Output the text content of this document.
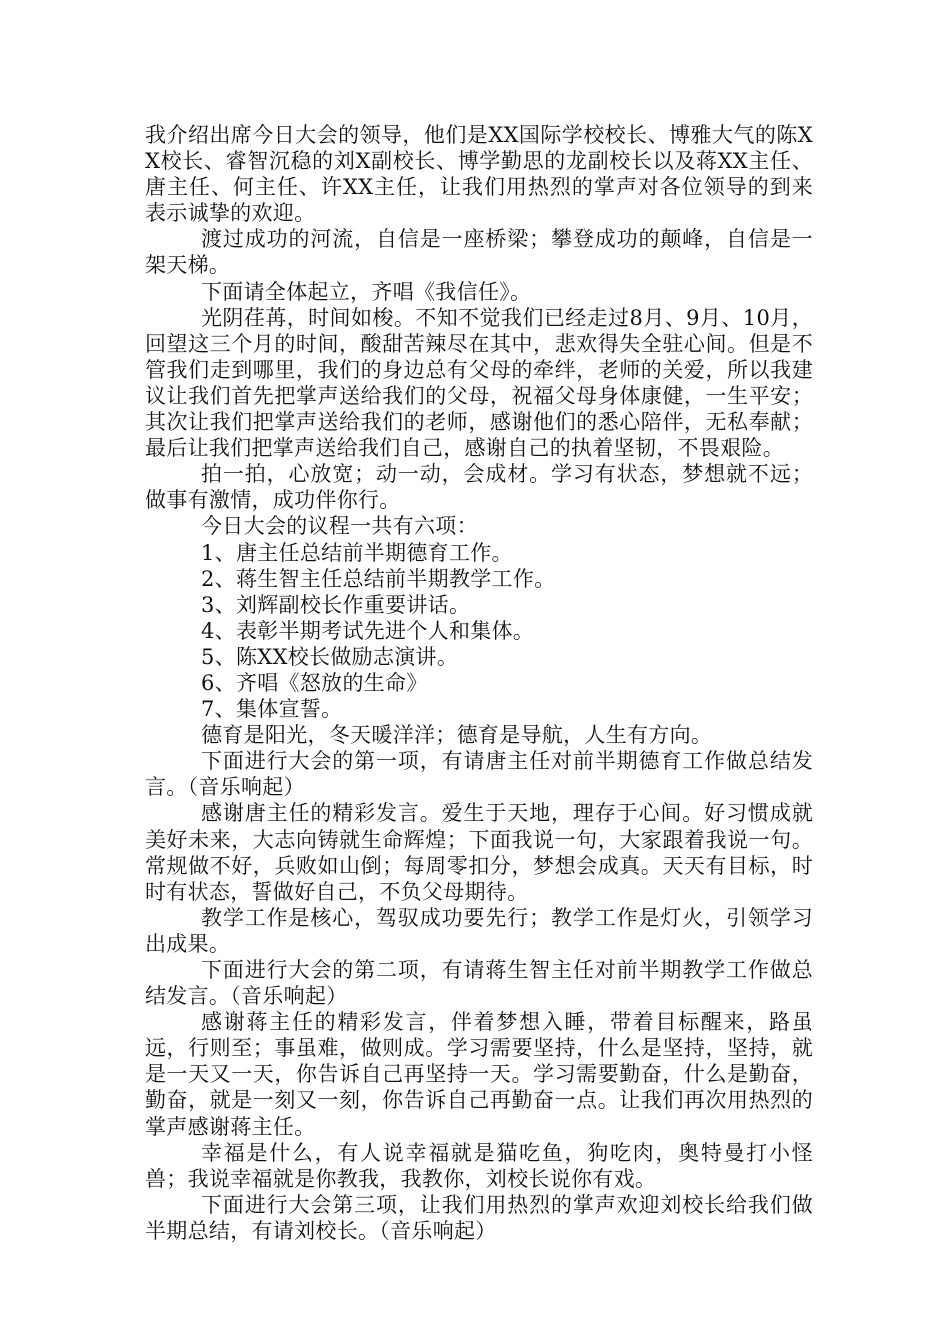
我介绍出席今日大会的领导，他们是XX国际学校校长、博雅大气的陈XX校长、睿智沉稳的刘X副校长、博学勤思的龙副校长以及蒋XX主任、唐主任、何主任、许XX主任，让我们用热烈的掌声对各位领导的到来表示诚挚的欢迎。

渡过成功的河流，自信是一座桥梁；攀登成功的颠峰，自信是一架天梯。

下面请全体起立，齐唱《我信任》。

光阴荏苒，时间如梭。不知不觉我们已经走过8月、9月、10月，回望这三个月的时间，酸甜苦辣尽在其中，悲欢得失全驻心间。但是不管我们走到哪里，我们的身边总有父母的牵绊，老师的关爱，所以我建议让我们首先把掌声送给我们的父母，祝福父母身体康健，一生平安；其次让我们把掌声送给我们的老师，感谢他们的悉心陪伴，无私奉献；最后让我们把掌声送给我们自己，感谢自己的执着坚韧，不畏艰险。

拍一拍，心放宽；动一动，会成材。学习有状态，梦想就不远；做事有激情，成功伴你行。

今日大会的议程一共有六项：

1、唐主任总结前半期德育工作。

2、蒋生智主任总结前半期教学工作。

3、刘辉副校长作重要讲话。

4、表彰半期考试先进个人和集体。

5、陈XX校长做励志演讲。

6、齐唱《怒放的生命》

7、集体宣誓。

德育是阳光，冬天暖洋洋；德育是导航，人生有方向。

下面进行大会的第一项，有请唐主任对前半期德育工作做总结发言。（音乐响起）

感谢唐主任的精彩发言。爱生于天地，理存于心间。好习惯成就美好未来，大志向铸就生命辉煌；下面我说一句，大家跟着我说一句。常规做不好，兵败如山倒；每周零扣分，梦想会成真。天天有目标，时时有状态，誓做好自己，不负父母期待。

教学工作是核心，驾驭成功要先行；教学工作是灯火，引领学习出成果。

下面进行大会的第二项，有请蒋生智主任对前半期教学工作做总结发言。（音乐响起）

感谢蒋主任的精彩发言，伴着梦想入睡，带着目标醒来，路虽远，行则至；事虽难，做则成。学习需要坚持，什么是坚持，坚持，就是一天又一天，你告诉自己再坚持一天。学习需要勤奋，什么是勤奋，勤奋，就是一刻又一刻，你告诉自己再勤奋一点。让我们再次用热烈的掌声感谢蒋主任。

幸福是什么，有人说幸福就是猫吃鱼，狗吃肉，奥特曼打小怪兽；我说幸福就是你教我，我教你，刘校长说你有戏。

下面进行大会第三项，让我们用热烈的掌声欢迎刘校长给我们做半期总结，有请刘校长。（音乐响起）
